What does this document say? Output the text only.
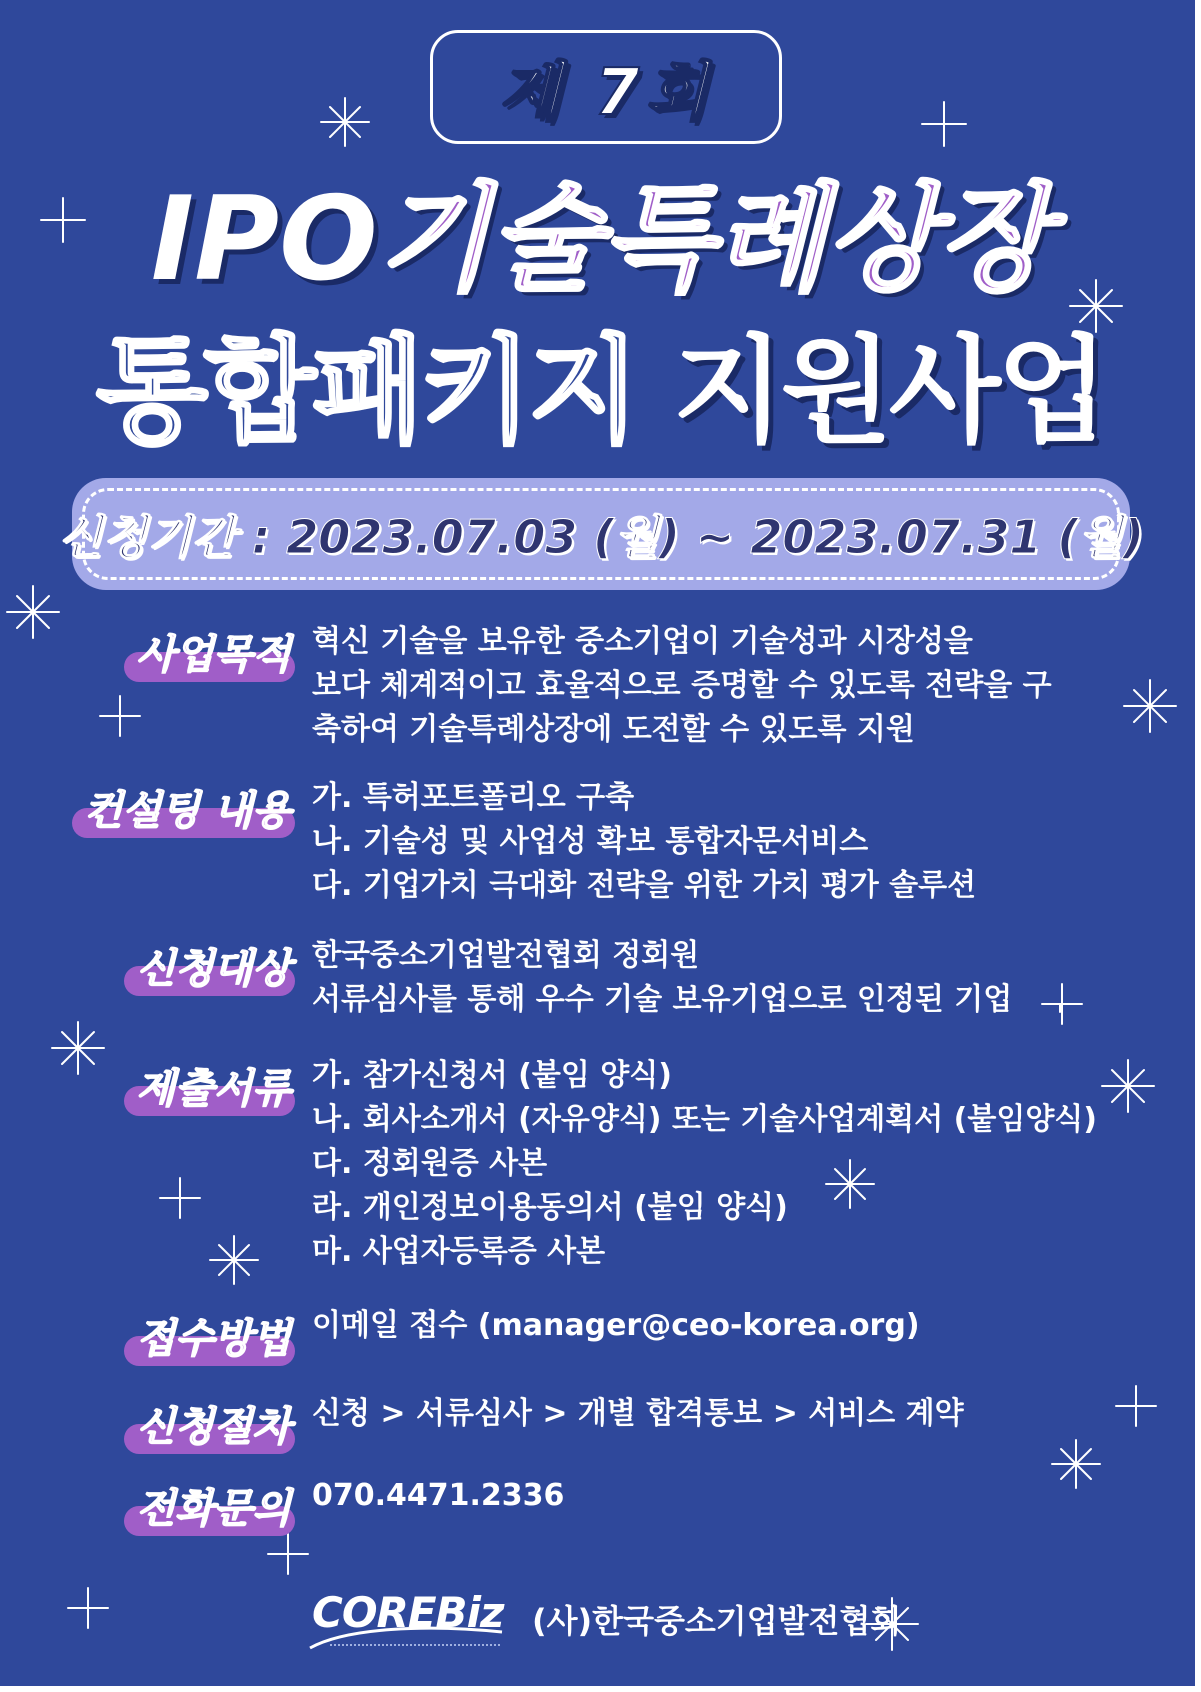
제 7회
IPO기술특례상장
통합패키지 지원사업
신청기간 : 2023.07.03 (월) ~ 2023.07.31 (월)
사업목적 혁신 기술을 보유한 중소기업이 기술성과 시장성을
보다 체계적이고 효율적으로 증명할 수 있도록 전략을 구
축하여 기술특례상장에 도전할 수 있도록 지원
컨설팅 내용 가. 특허포트폴리오 구축
나. 기술성 및 사업성 확보 통합자문서비스
다. 기업가치 극대화 전략을 위한 가치 평가 솔루션
신청대상 한국중소기업발전협회 정회원
서류심사를 통해 우수 기술 보유기업으로 인정된 기업
제출서류 가. 참가신청서 (붙임 양식)
나. 회사소개서 (자유양식) 또는 기술사업계획서 (붙임양식)
다. 정회원증 사본
라. 개인정보이용동의서 (붙임 양식)
마. 사업자등록증 사본
접수방법 이메일 접수 (manager@ceo-korea.org)
신청절차 신청 > 서류심사 > 개별 합격통보 > 서비스 계약
전화문의 070.4471.2336
COREBiz (사)한국중소기업발전협회
